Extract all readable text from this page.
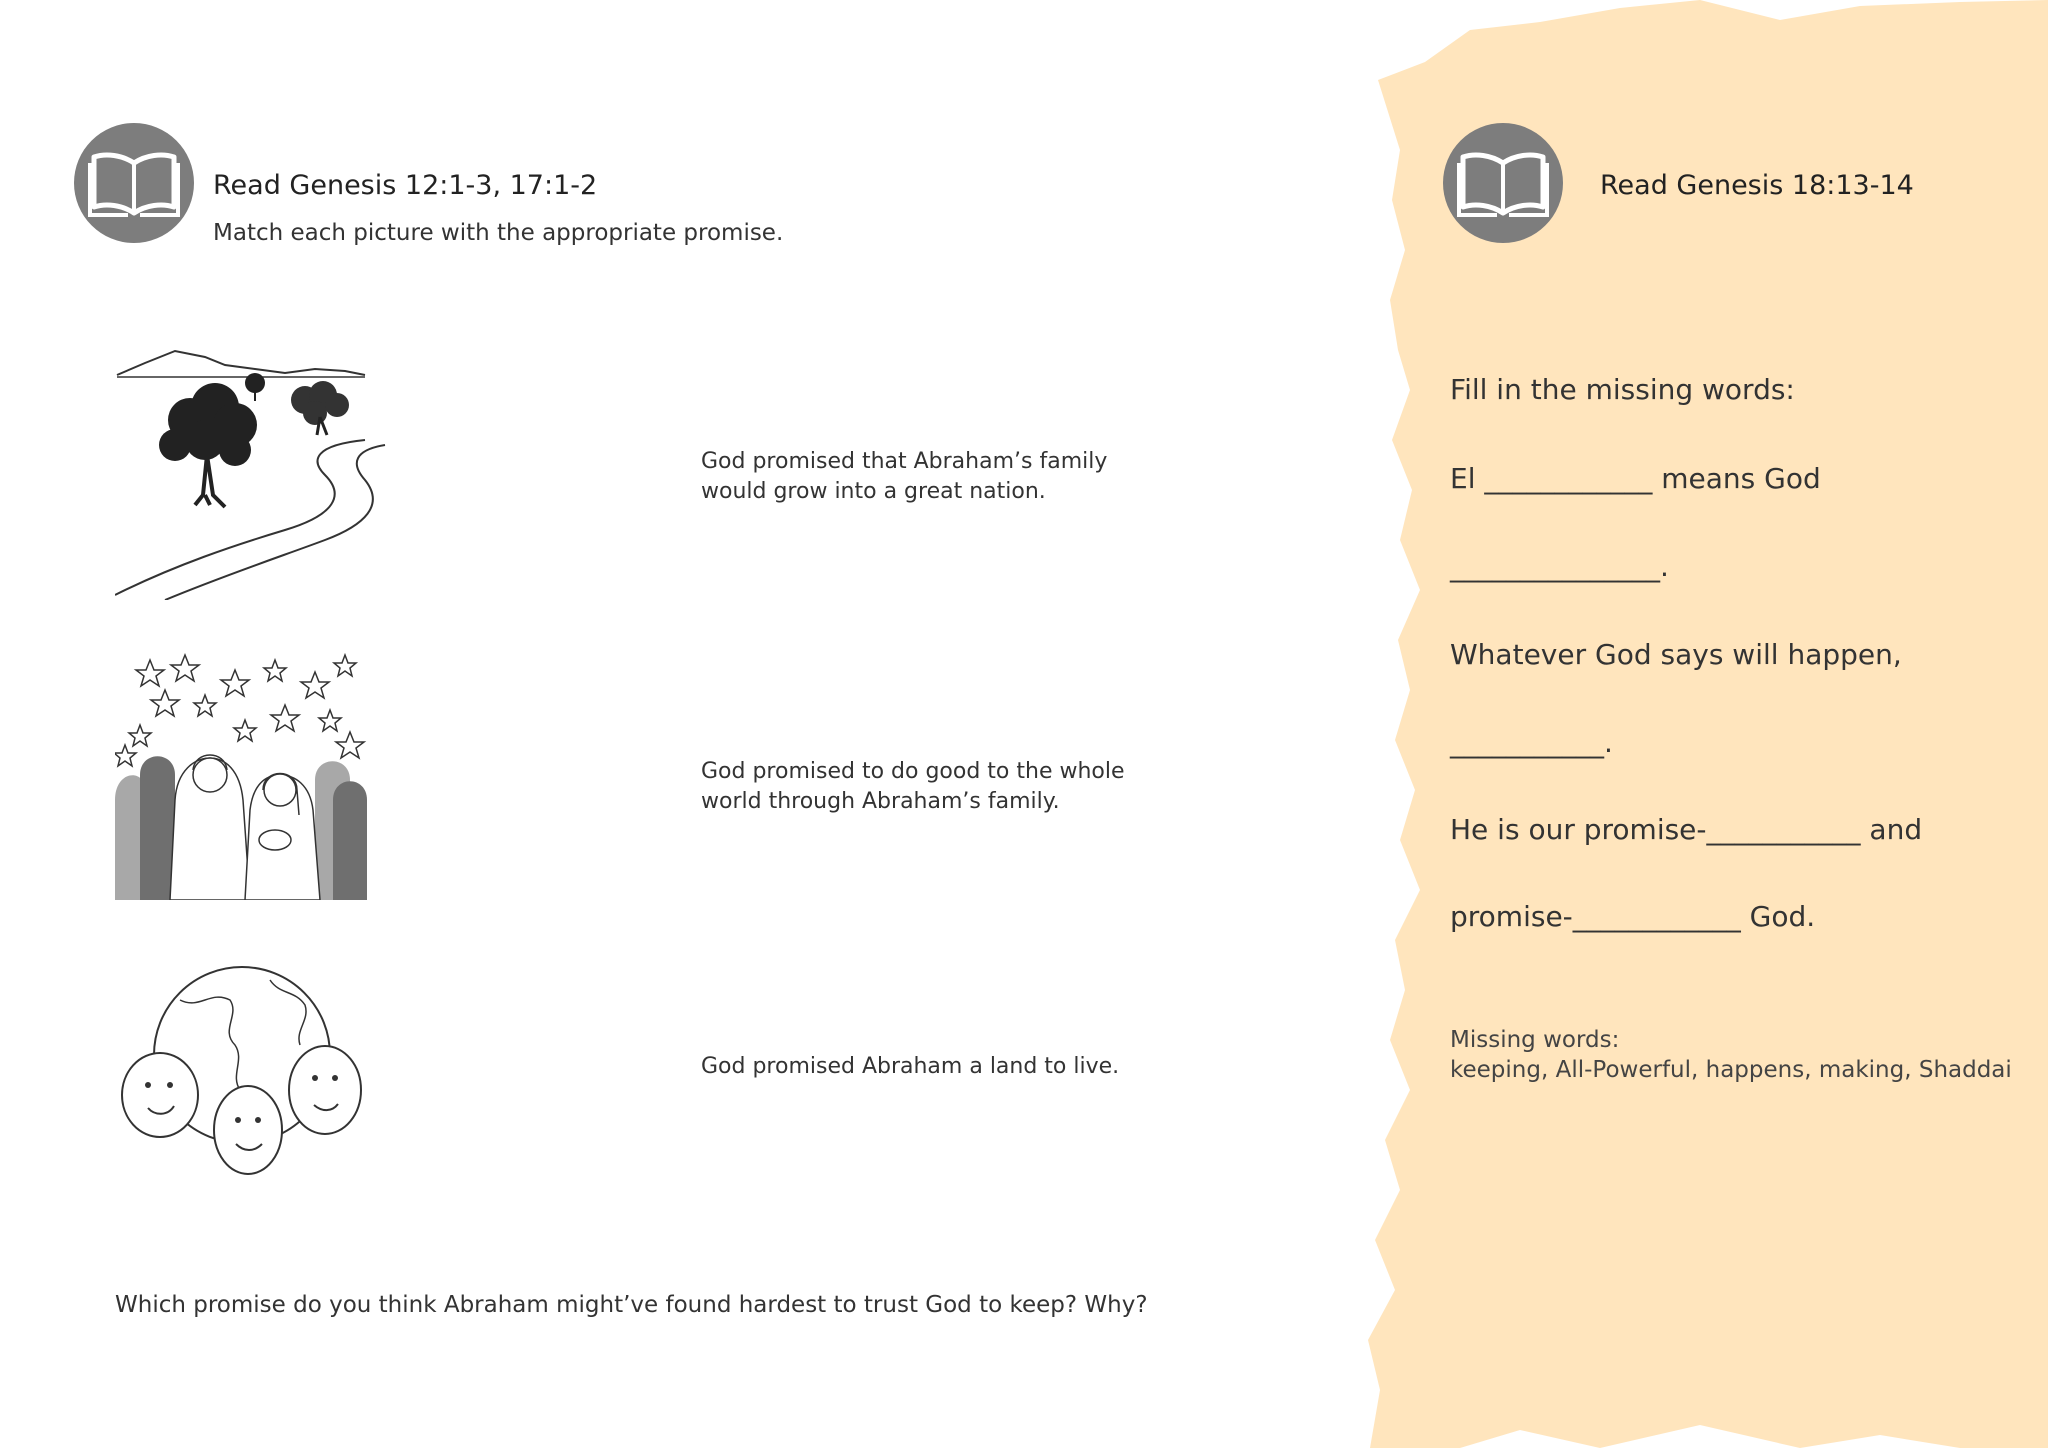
Read Genesis 12:1-3, 17:1-2
Match each picture with the appropriate promise.
God promised that Abraham’s family
would grow into a great nation.
God promised to do good to the whole
world through Abraham’s family.
God promised Abraham a land to live.
Which promise do you think Abraham might’ve found hardest to trust God to keep? Why?
Read Genesis 18:13-14
Fill in the missing words:
El ____________ means God
_______________.
Whatever God says will happen,
___________.
He is our promise-___________ and
promise-____________ God.
Missing words:
keeping, All-Powerful, happens, making, Shaddai
